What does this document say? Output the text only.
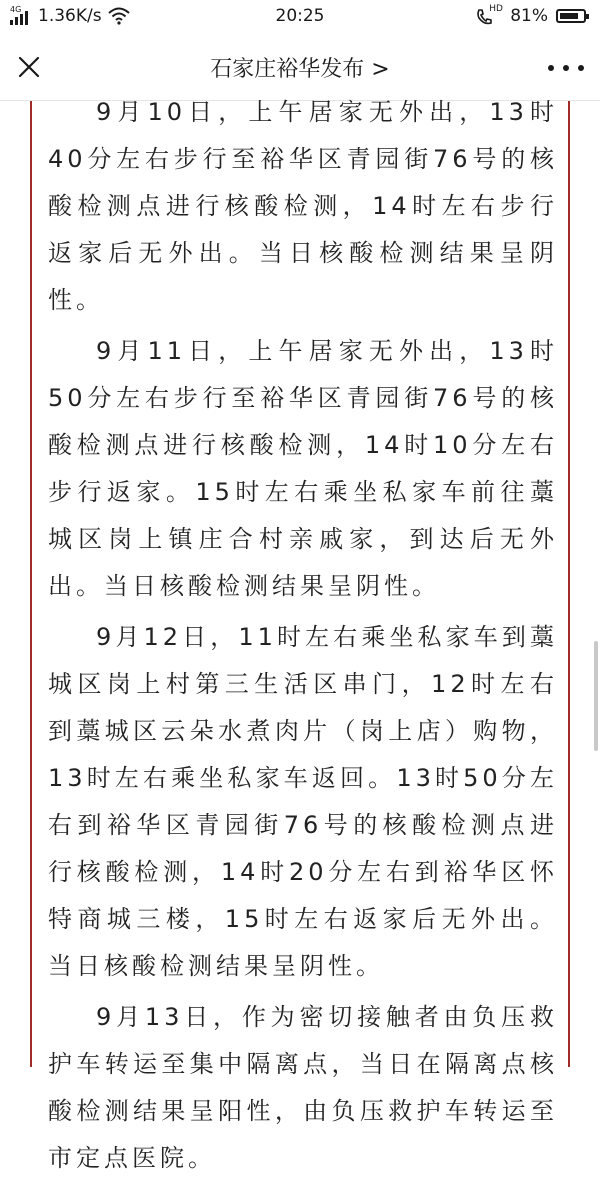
4G 1.36K/s	20:25	HD 81%
石家庄裕华发布 >

9月10日，上午居家无外出，13时40分左右步行至裕华区青园街76号的核酸检测点进行核酸检测，14时左右步行返家后无外出。当日核酸检测结果呈阴性。

9月11日，上午居家无外出，13时50分左右步行至裕华区青园街76号的核酸检测点进行核酸检测，14时10分左右步行返家。15时左右乘坐私家车前往藁城区岗上镇庄合村亲戚家，到达后无外出。当日核酸检测结果呈阴性。

9月12日，11时左右乘坐私家车到藁城区岗上村第三生活区串门，12时左右到藁城区云朵水煮肉片（岗上店）购物，13时左右乘坐私家车返回。13时50分左右到裕华区青园街76号的核酸检测点进行核酸检测，14时20分左右到裕华区怀特商城三楼，15时左右返家后无外出。当日核酸检测结果呈阴性。

9月13日，作为密切接触者由负压救护车转运至集中隔离点，当日在隔离点核酸检测结果呈阳性，由负压救护车转运至市定点医院。
